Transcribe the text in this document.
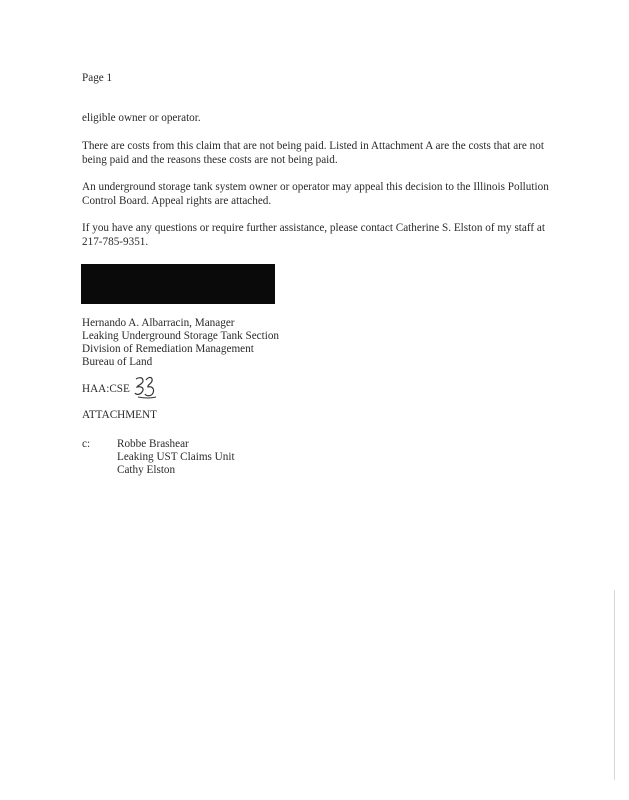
Page 1
eligible owner or operator.
There are costs from this claim that are not being paid. Listed in Attachment A are the costs that are not being paid and the reasons these costs are not being paid.
An underground storage tank system owner or operator may appeal this decision to the Illinois Pollution Control Board. Appeal rights are attached.
If you have any questions or require further assistance, please contact Catherine S. Elston of my staff at 217-785-9351.
Hernando A. Albarracin, Manager
Leaking Underground Storage Tank Section
Division of Remediation Management
Bureau of Land
HAA:CSE
ATTACHMENT
c: Robbe Brashear
Leaking UST Claims Unit
Cathy Elston
